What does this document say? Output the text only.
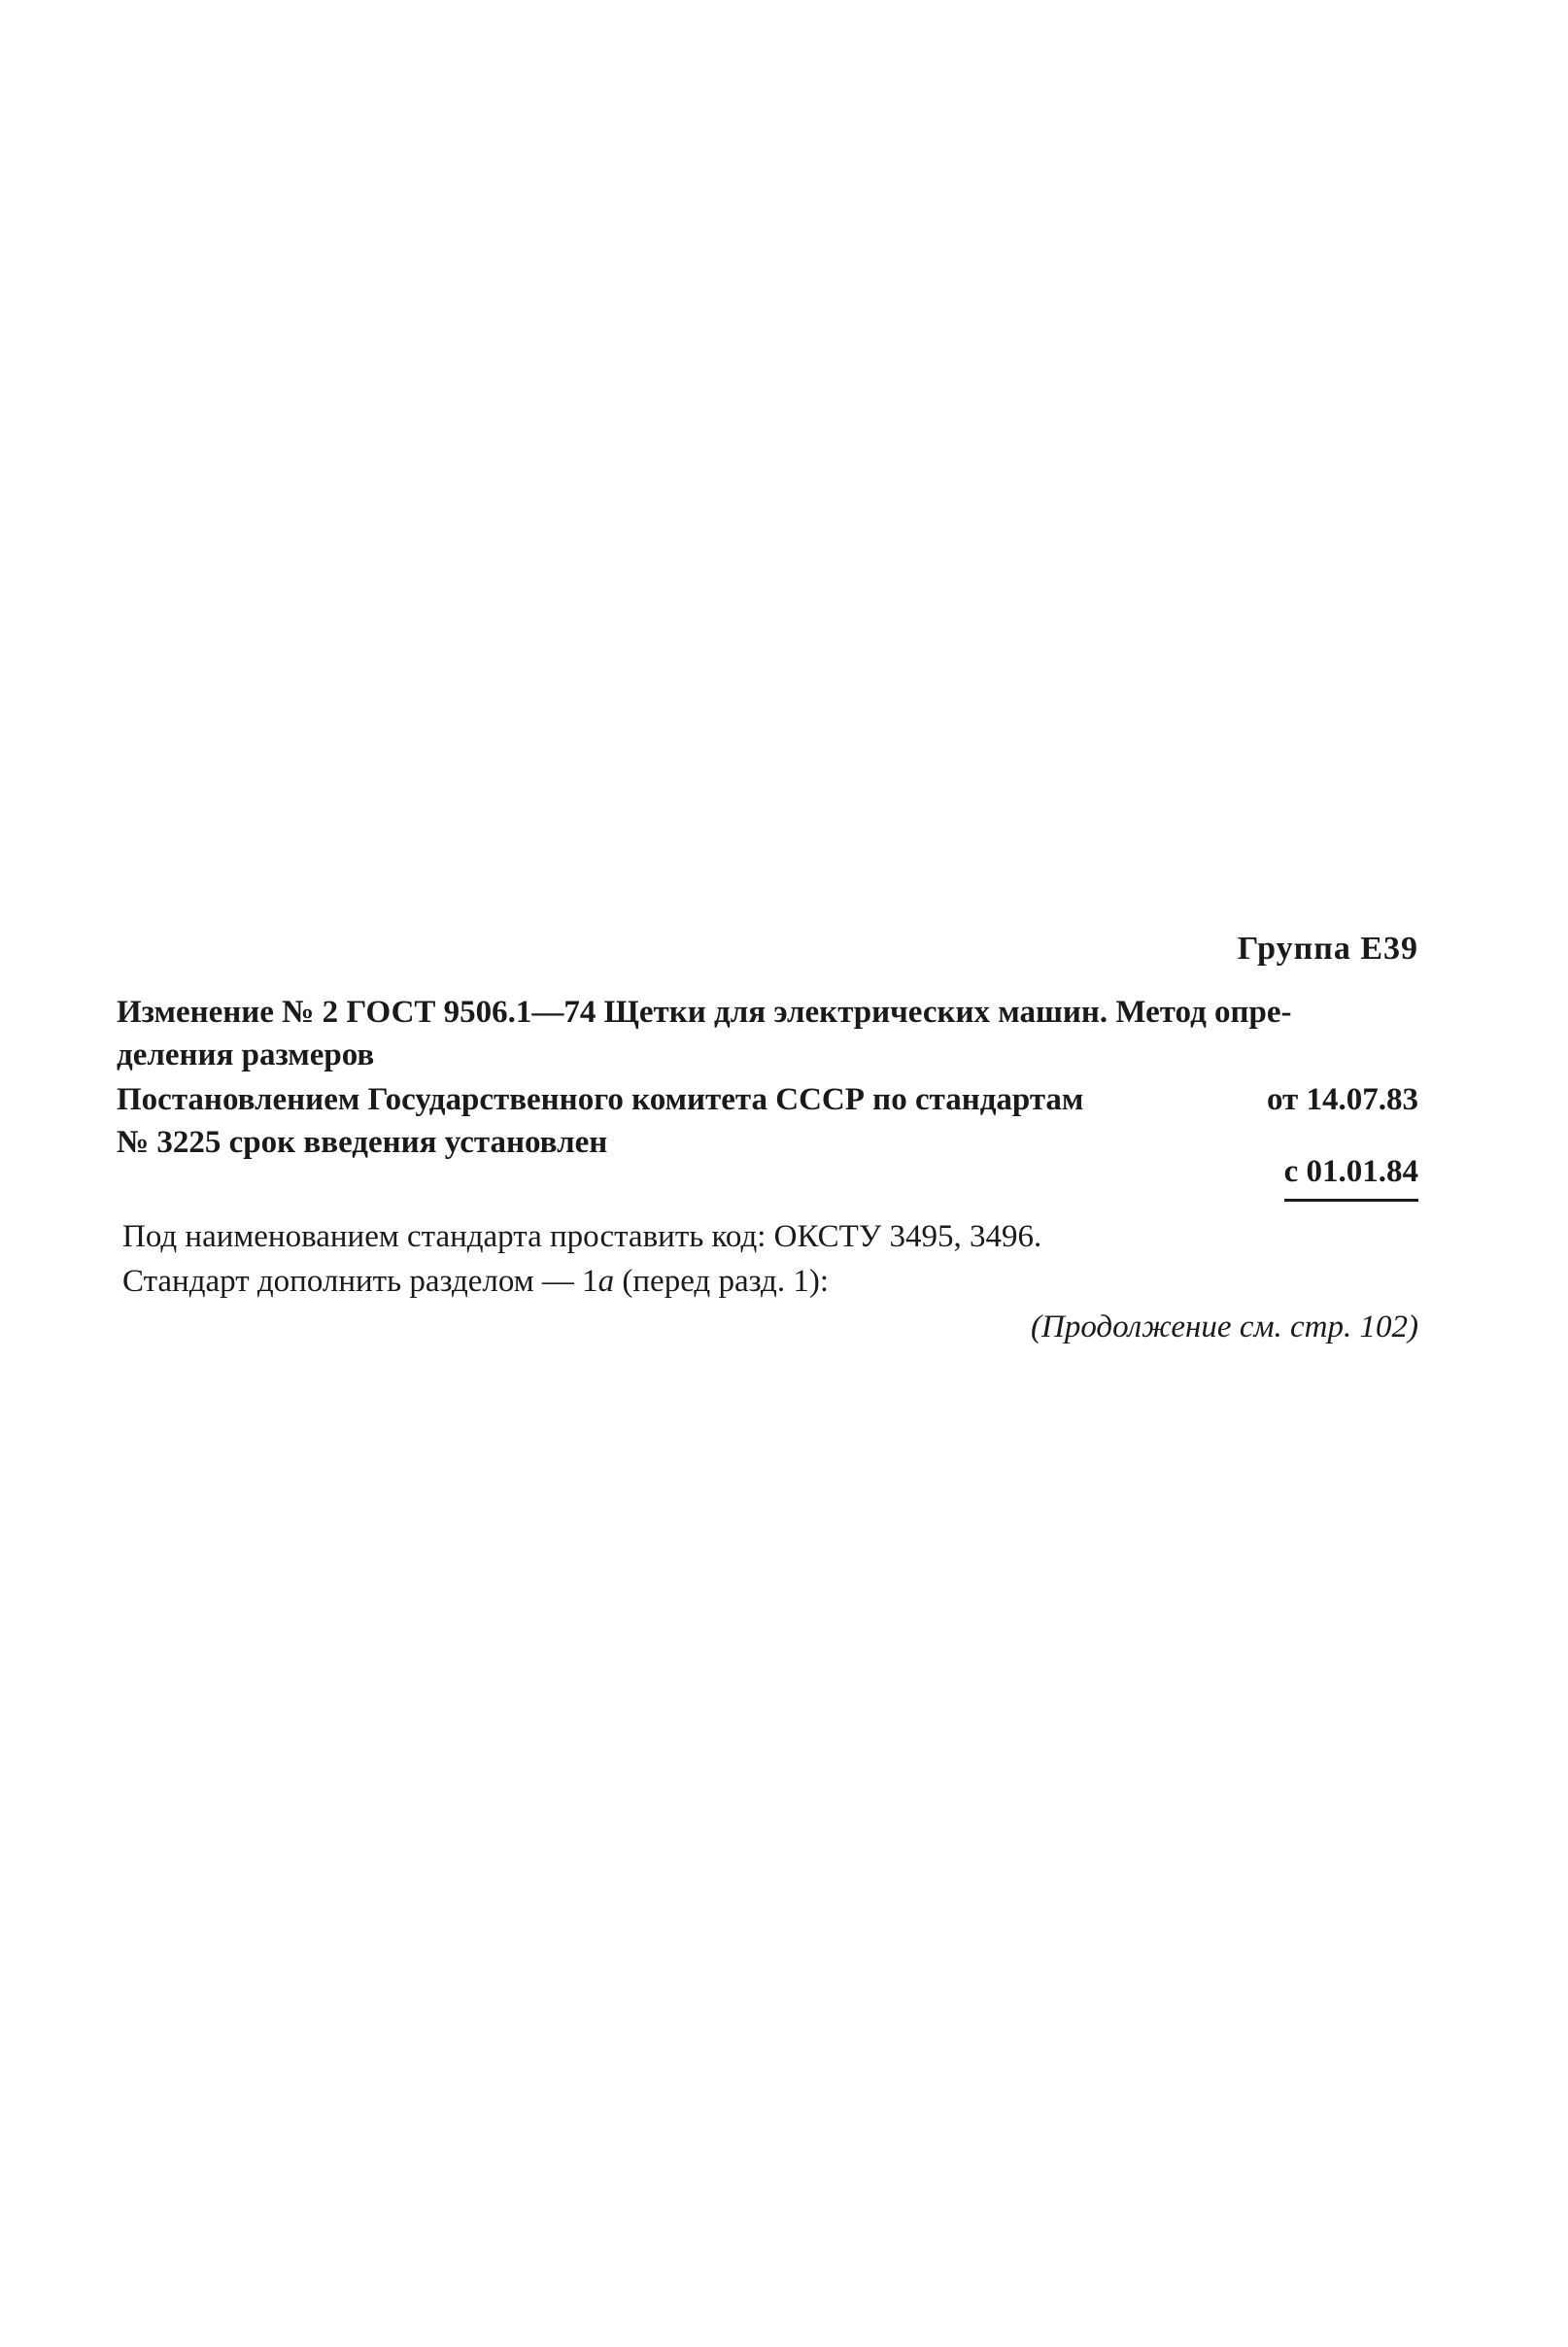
Группа E39
Изменение № 2 ГОСТ 9506.1—74 Щетки для электрических машин. Метод опре-
деления размеров
Постановлением Государственного комитета СССР по стандартам	от 14.07.83
№ 3225 срок введения установлен
с 01.01.84

Под наименованием стандарта проставить код: ОКСТУ 3495, 3496.

Стандарт дополнить разделом — 1а (перед разд. 1):

(Продолжение см. стр. 102)
